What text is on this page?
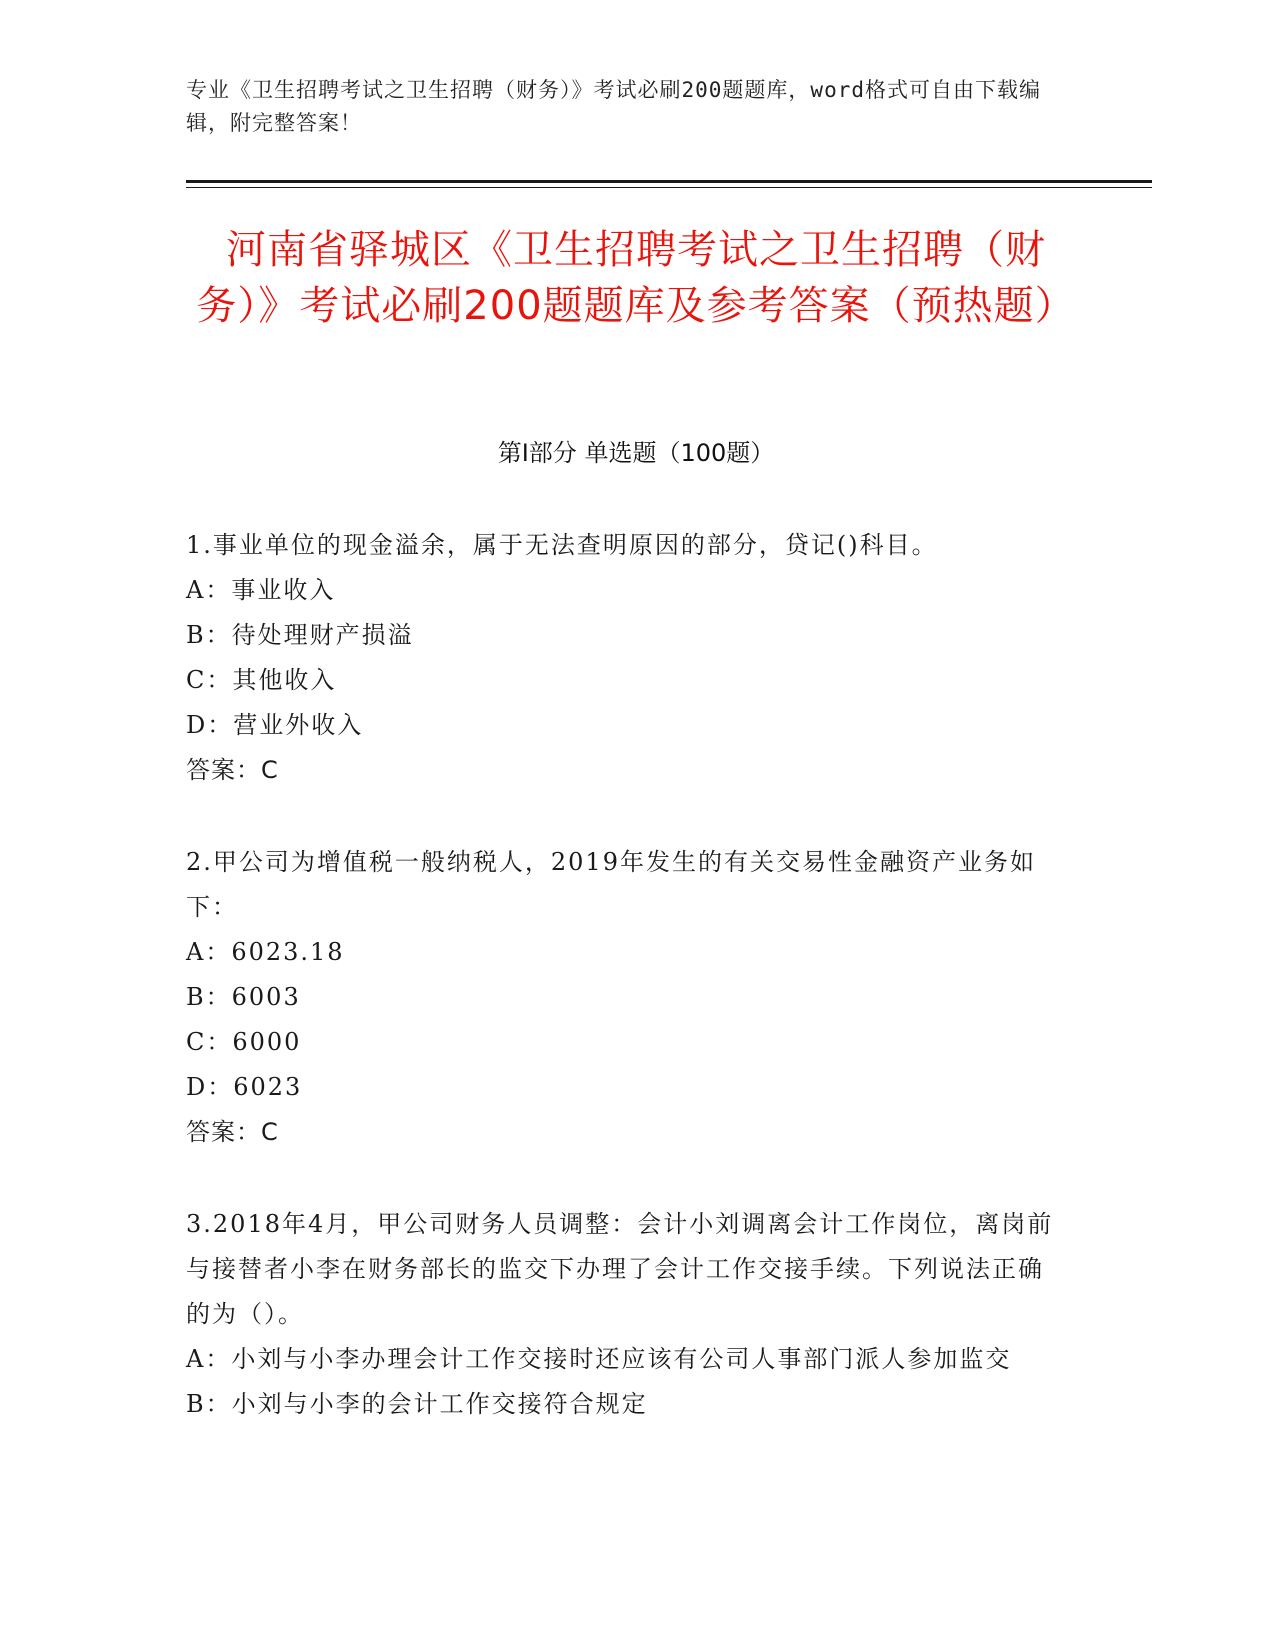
专业《卫生招聘考试之卫生招聘（财务）》考试必刷200题题库，word格式可自由下载编辑，附完整答案！
河南省驿城区《卫生招聘考试之卫生招聘（财务）》考试必刷200题题库及参考答案（预热题）
第Ⅰ部分 单选题（100题）
1.事业单位的现金溢余，属于无法查明原因的部分，贷记()科目。
A：事业收入
B：待处理财产损溢
C：其他收入
D：营业外收入
答案：C
2.甲公司为增值税一般纳税人，2019年发生的有关交易性金融资产业务如下：
A：6023.18
B：6003
C：6000
D：6023
答案：C
3.2018年4月，甲公司财务人员调整：会计小刘调离会计工作岗位，离岗前与接替者小李在财务部长的监交下办理了会计工作交接手续。下列说法正确的为（）。
A：小刘与小李办理会计工作交接时还应该有公司人事部门派人参加监交
B：小刘与小李的会计工作交接符合规定
